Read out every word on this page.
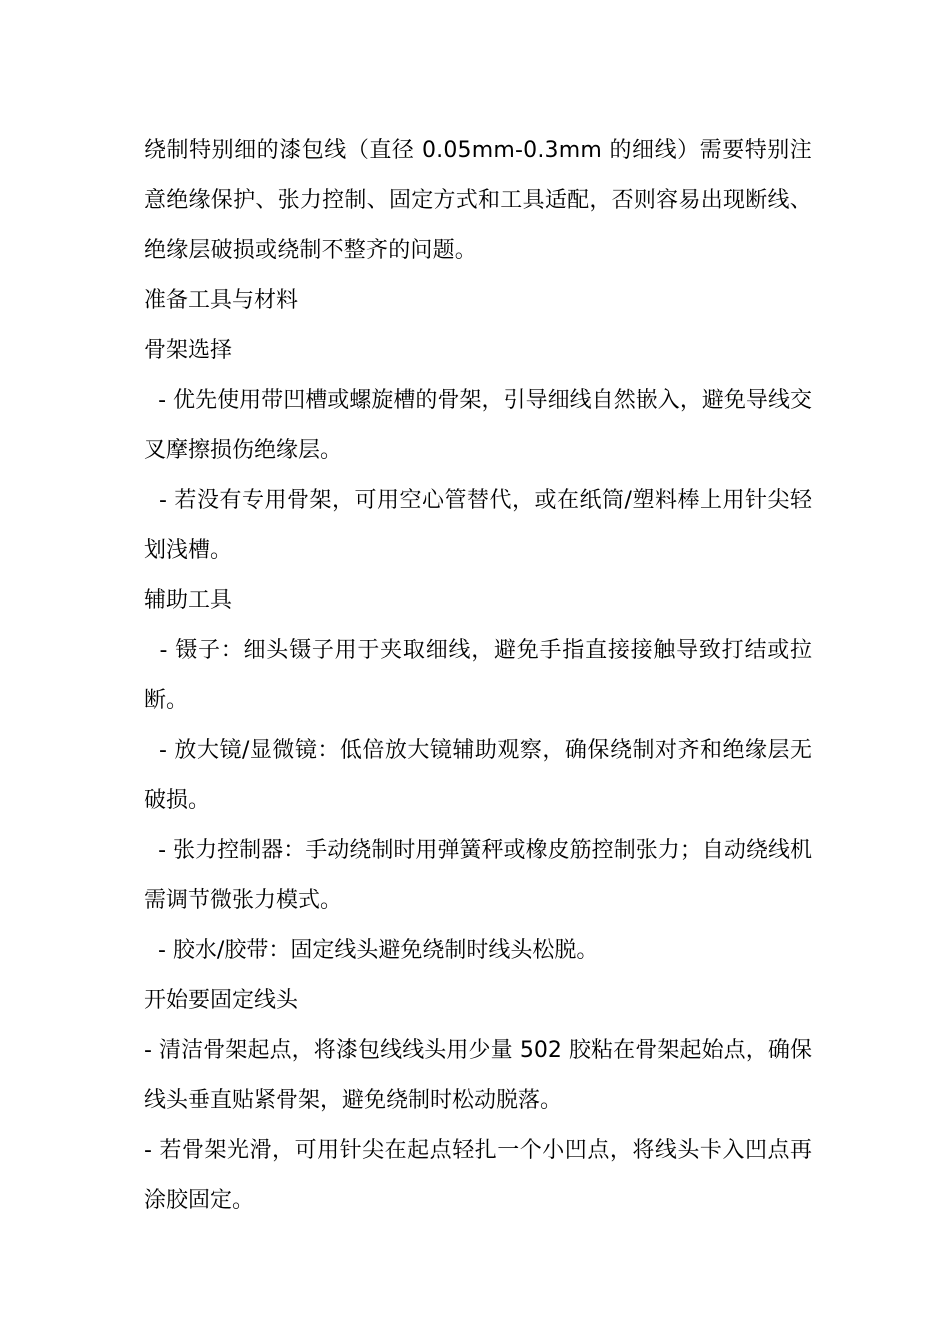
绕制特别细的漆包线（直径 0.05mm-0.3mm 的细线）需要特别注意绝缘保护、张力控制、固定方式和工具适配，否则容易出现断线、绝缘层破损或绕制不整齐的问题。

准备工具与材料

骨架选择

- 优先使用带凹槽或螺旋槽的骨架，引导细线自然嵌入，避免导线交叉摩擦损伤绝缘层。

- 若没有专用骨架，可用空心管替代，或在纸筒/塑料棒上用针尖轻划浅槽。

辅助工具

- 镊子：细头镊子用于夹取细线，避免手指直接接触导致打结或拉断。

- 放大镜/显微镜：低倍放大镜辅助观察，确保绕制对齐和绝缘层无破损。

- 张力控制器：手动绕制时用弹簧秤或橡皮筋控制张力；自动绕线机需调节微张力模式。

- 胶水/胶带：固定线头避免绕制时线头松脱。

开始要固定线头

- 清洁骨架起点，将漆包线线头用少量 502 胶粘在骨架起始点，确保线头垂直贴紧骨架，避免绕制时松动脱落。

- 若骨架光滑，可用针尖在起点轻扎一个小凹点，将线头卡入凹点再涂胶固定。
